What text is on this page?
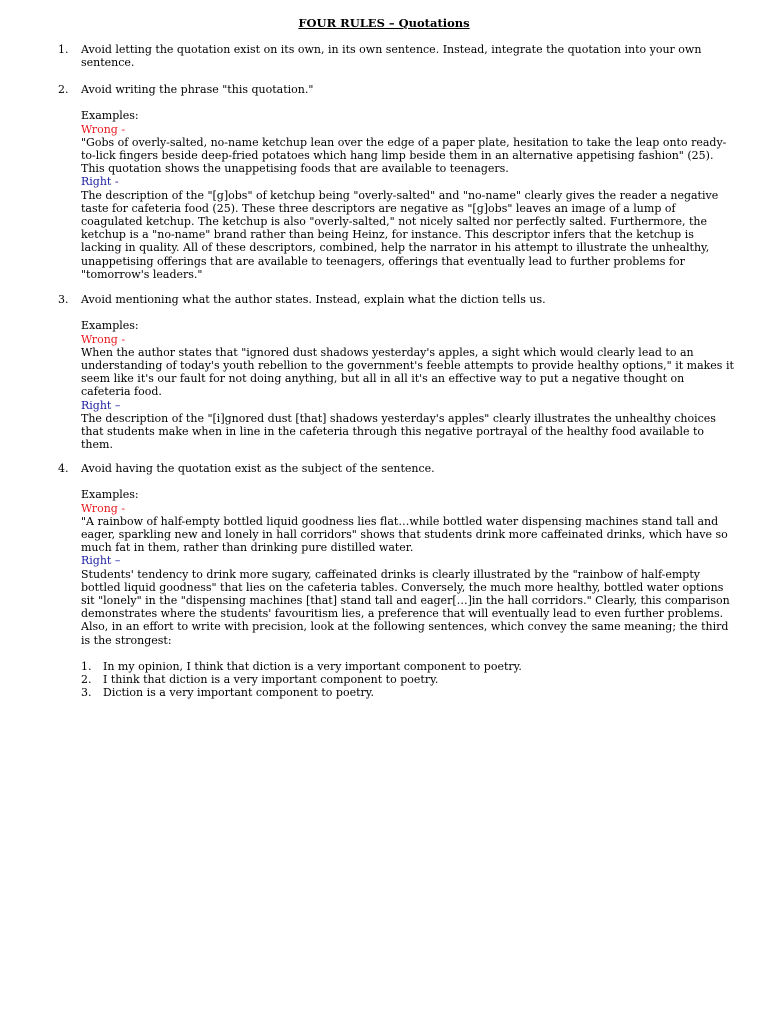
FOUR RULES – Quotations
1.	Avoid letting the quotation exist on its own, in its own sentence. Instead, integrate the quotation into your own sentence.

2.	Avoid writing the phrase "this quotation."

Examples:
Wrong -

"Gobs of overly-salted, no-name ketchup lean over the edge of a paper plate, hesitation to take the leap onto ready-to-lick fingers beside deep-fried potatoes which hang limp beside them in an alternative appetising fashion" (25). This quotation shows the unappetising foods that are available to teenagers.

Right -

The description of the "[g]obs" of ketchup being "overly-salted" and "no-name" clearly gives the reader a negative taste for cafeteria food (25). These three descriptors are negative as "[g]obs" leaves an image of a lump of coagulated ketchup. The ketchup is also "overly-salted," not nicely salted nor perfectly salted. Furthermore, the ketchup is a "no-name" brand rather than being Heinz, for instance. This descriptor infers that the ketchup is lacking in quality. All of these descriptors, combined, help the narrator in his attempt to illustrate the unhealthy, unappetising offerings that are available to teenagers, offerings that eventually lead to further problems for "tomorrow's leaders."

3.	Avoid mentioning what the author states. Instead, explain what the diction tells us.

Examples:
Wrong -

When the author states that "ignored dust shadows yesterday's apples, a sight which would clearly lead to an understanding of today's youth rebellion to the government's feeble attempts to provide healthy options," it makes it seem like it's our fault for not doing anything, but all in all it's an effective way to put a negative thought on cafeteria food.

Right –

The description of the "[i]gnored dust [that] shadows yesterday's apples" clearly illustrates the unhealthy choices that students make when in line in the cafeteria through this negative portrayal of the healthy food available to them.

4.	Avoid having the quotation exist as the subject of the sentence.

Examples:
Wrong -

"A rainbow of half-empty bottled liquid goodness lies flat…while bottled water dispensing machines stand tall and eager, sparkling new and lonely in hall corridors" shows that students drink more caffeinated drinks, which have so much fat in them, rather than drinking pure distilled water.

Right –

Students' tendency to drink more sugary, caffeinated drinks is clearly illustrated by the "rainbow of half-empty bottled liquid goodness" that lies on the cafeteria tables. Conversely, the much more healthy, bottled water options sit "lonely" in the "dispensing machines [that] stand tall and eager[…]in the hall corridors." Clearly, this comparison demonstrates where the students' favouritism lies, a preference that will eventually lead to even further problems.

Also, in an effort to write with precision, look at the following sentences, which convey the same meaning; the third is the strongest:

1. In my opinion, I think that diction is a very important component to poetry.
2. I think that diction is a very important component to poetry.
3. Diction is a very important component to poetry.
